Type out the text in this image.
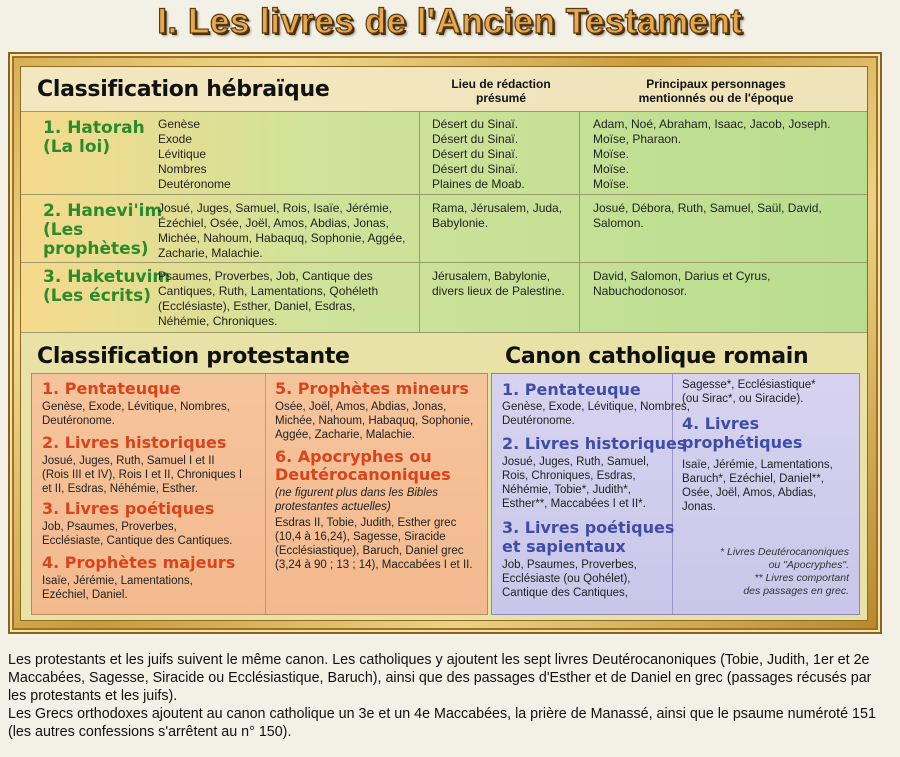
I. Les livres de l'Ancien Testament
Classification hébraïque	Lieu de rédaction
présumé
Principaux personnages
mentionnés ou de l'époque
1. Hatorah
(La loi)
Genèse
Exode
Lévitique
Nombres
Deutéronome
Désert du Sinaï.
Désert du Sinaï.
Désert du Sinaï.
Désert du Sinaï.
Plaines de Moab.
Adam, Noé, Abraham, Isaac, Jacob, Joseph.
Moïse, Pharaon.
Moïse.
Moïse.
Moïse.
2. Hanevi'im
(Les
prophètes)
Josué, Juges, Samuel, Rois, Isaïe, Jérémie,
Ézéchiel, Osée, Joël, Amos, Abdias, Jonas,
Michée, Nahoum, Habaquq, Sophonie, Aggée,
Zacharie, Malachie.
Rama, Jérusalem, Juda,
Babylonie.
Josué, Débora, Ruth, Samuel, Saül, David,
Salomon.
3. Haketuvim
(Les écrits)
Psaumes, Proverbes, Job, Cantique des
Cantiques, Ruth, Lamentations, Qohéleth
(Ecclésiaste), Esther, Daniel, Esdras,
Néhémie, Chroniques.
Jérusalem, Babylonie,
divers lieux de Palestine.
David, Salomon, Darius et Cyrus,
Nabuchodonosor.
Classification protestante	Canon catholique romain
1. Pentateuque
Genèse, Exode, Lévitique, Nombres,
Deutéronome.
2. Livres historiques
Josué, Juges, Ruth, Samuel I et II
(Rois III et IV), Rois I et II, Chroniques I
et II, Esdras, Néhémie, Esther.
3. Livres poétiques
Job, Psaumes, Proverbes,
Ecclésiaste, Cantique des Cantiques.
4. Prophètes majeurs
Isaïe, Jérémie, Lamentations,
Ezéchiel, Daniel.
5. Prophètes mineurs
Osée, Joël, Amos, Abdias, Jonas,
Michée, Nahoum, Habaquq, Sophonie,
Aggée, Zacharie, Malachie.
6. Apocryphes ou
Deutérocanoniques
(ne figurent plus dans les Bibles
protestantes actuelles)
Esdras II, Tobie, Judith, Esther grec
(10,4 à 16,24), Sagesse, Siracide
(Ecclésiastique), Baruch, Daniel grec
(3,24 à 90 ; 13 ; 14), Maccabées I et II.
1. Pentateuque
Genèse, Exode, Lévitique, Nombres,
Deutéronome.
2. Livres historiques
Josué, Juges, Ruth, Samuel,
Rois, Chroniques, Esdras,
Néhémie, Tobie*, Judith*,
Esther**, Maccabées I et II*.
3. Livres poétiques
et sapientaux
Job, Psaumes, Proverbes,
Ecclésiaste (ou Qohélet),
Cantique des Cantiques,
Sagesse*, Ecclésiastique*
(ou Sirac*, ou Siracide).
4. Livres
prophétiques
Isaïe, Jérémie, Lamentations,
Baruch*, Ezéchiel, Daniel**,
Osée, Joël, Amos, Abdias,
Jonas.
* Livres Deutérocanoniques
ou "Apocryphes".
** Livres comportant
des passages en grec.

Les protestants et les juifs suivent le même canon. Les catholiques y ajoutent les sept livres Deutérocanoniques (Tobie, Judith, 1er et 2e Maccabées, Sagesse, Siracide ou Ecclésiastique, Baruch), ainsi que des passages d'Esther et de Daniel en grec (passages récusés par les protestants et les juifs).

Les Grecs orthodoxes ajoutent au canon catholique un 3e et un 4e Maccabées, la prière de Manassé, ainsi que le psaume numéroté 151 (les autres confessions s'arrêtent au n° 150).
